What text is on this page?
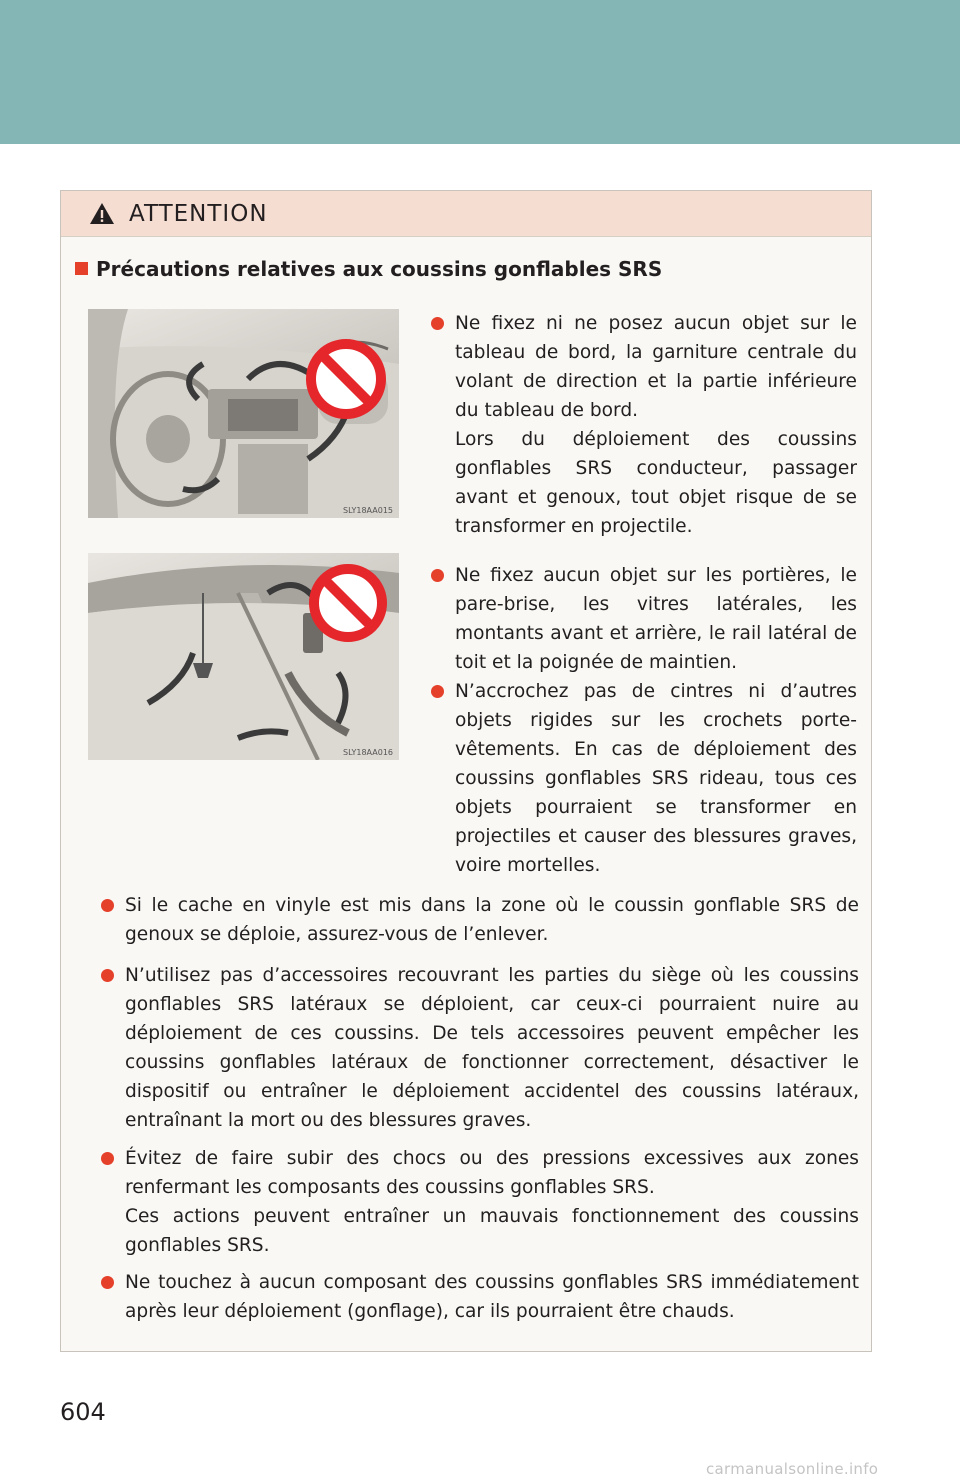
ATTENTION
Précautions relatives aux coussins gonflables SRS
SLY18AA015
SLY18AA016

Ne fixez ni ne posez aucun objet sur le tableau de bord, la garniture centrale du volant de direction et la partie inférieure du tableau de bord.

Lors du déploiement des coussins gonflables SRS conducteur, passager avant et genoux, tout objet risque de se transformer en projectile.

Ne fixez aucun objet sur les portières, le pare-brise, les vitres latérales, les montants avant et arrière, le rail latéral de toit et la poignée de maintien.

N’accrochez pas de cintres ni d’autres objets rigides sur les crochets porte-vêtements. En cas de déploiement des coussins gonflables SRS rideau, tous ces objets pourraient se transformer en projectiles et causer des blessures graves, voire mortelles.

Si le cache en vinyle est mis dans la zone où le coussin gonflable SRS de genoux se déploie, assurez-vous de l’enlever.

N’utilisez pas d’accessoires recouvrant les parties du siège où les coussins gonflables SRS latéraux se déploient, car ceux-ci pourraient nuire au déploiement de ces coussins. De tels accessoires peuvent empêcher les coussins gonflables latéraux de fonctionner correctement, désactiver le dispositif ou entraîner le déploiement accidentel des coussins latéraux, entraînant la mort ou des blessures graves.

Évitez de faire subir des chocs ou des pressions excessives aux zones renfermant les composants des coussins gonflables SRS.

Ces actions peuvent entraîner un mauvais fonctionnement des coussins gonflables SRS.

Ne touchez à aucun composant des coussins gonflables SRS immédiatement après leur déploiement (gonflage), car ils pourraient être chauds.

604
carmanualsonline.info
